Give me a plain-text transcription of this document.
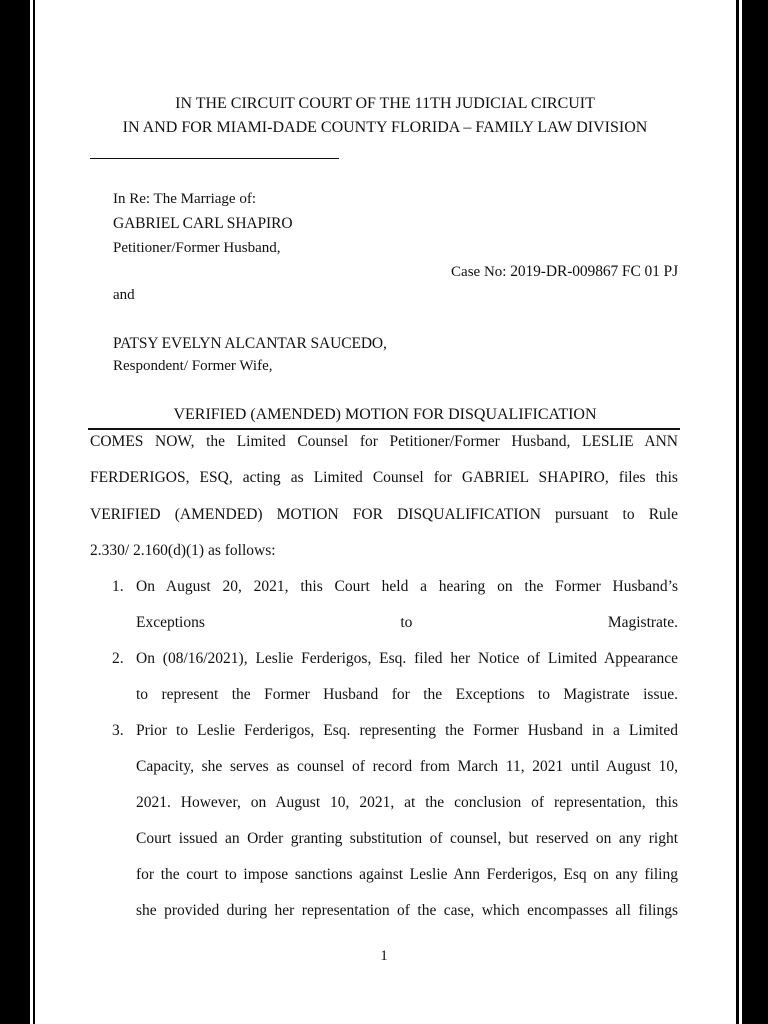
IN THE CIRCUIT COURT OF THE 11TH JUDICIAL CIRCUIT
IN AND FOR MIAMI-DADE COUNTY FLORIDA – FAMILY LAW DIVISION
In Re: The Marriage of:
GABRIEL CARL SHAPIRO
Petitioner/Former Husband,
Case No: 2019-DR-009867 FC 01 PJ
and
PATSY EVELYN ALCANTAR SAUCEDO,
Respondent/ Former Wife,
VERIFIED (AMENDED) MOTION FOR DISQUALIFICATION
COMES NOW, the Limited Counsel for Petitioner/Former Husband, LESLIE ANN
FERDERIGOS, ESQ, acting as Limited Counsel for GABRIEL SHAPIRO, files this
VERIFIED (AMENDED) MOTION FOR DISQUALIFICATION pursuant to Rule
2.330/ 2.160(d)(1) as follows:
1. On August 20, 2021, this Court held a hearing on the Former Husband’s
Exceptions to Magistrate.
2. On (08/16/2021), Leslie Ferderigos, Esq. filed her Notice of Limited Appearance
to represent the Former Husband for the Exceptions to Magistrate issue.
3. Prior to Leslie Ferderigos, Esq. representing the Former Husband in a Limited
Capacity, she serves as counsel of record from March 11, 2021 until August 10,
2021. However, on August 10, 2021, at the conclusion of representation, this
Court issued an Order granting substitution of counsel, but reserved on any right
for the court to impose sanctions against Leslie Ann Ferderigos, Esq on any filing
she provided during her representation of the case, which encompasses all filings
1
